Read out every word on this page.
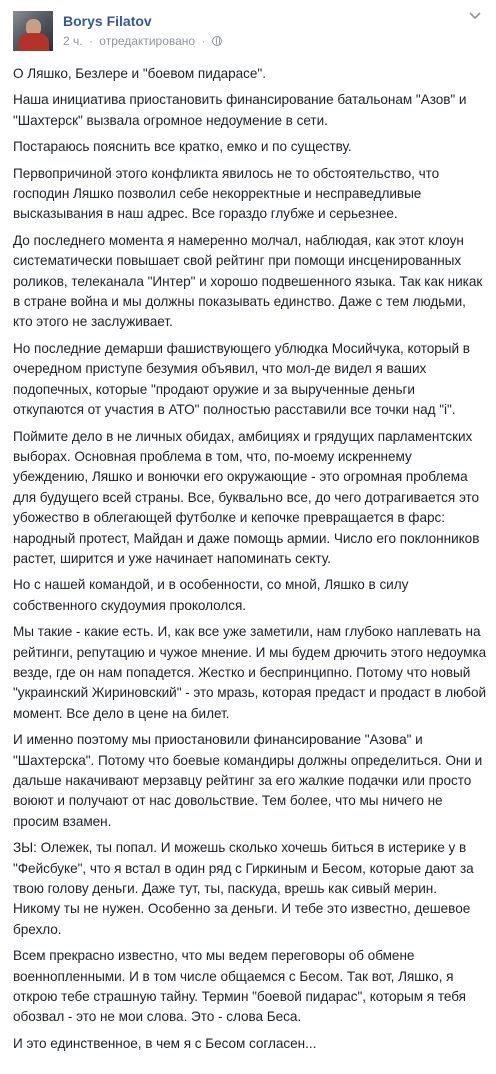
Borys Filatov
2 ч. · отредактировано ·

О Ляшко, Безлере и "боевом пидарасе".

Наша инициатива приостановить финансирование батальонам "Азов" и "Шахтерск" вызвала огромное недоумение в сети.

Постараюсь пояснить все кратко, емко и по существу.

Первопричиной этого конфликта явилось не то обстоятельство, что господин Ляшко позволил себе некорректные и несправедливые высказывания в наш адрес. Все гораздо глубже и серьезнее.

До последнего момента я намеренно молчал, наблюдая, как этот клоун систематически повышает свой рейтинг при помощи инсценированных роликов, телеканала "Интер" и хорошо подвешенного языка. Так как никак в стране война и мы должны показывать единство. Даже с тем людьми, кто этого не заслуживает.

Но последние демарши фашиствующего ублюдка Мосийчука, который в очередном приступе безумия объявил, что мол-де видел я ваших подопечных, которые "продают оружие и за вырученные деньги откупаются от участия в АТО" полностью расставили все точки над "і".

Поймите дело в не личных обидах, амбициях и грядущих парламентских выборах. Основная проблема в том, что, по-моему искреннему убеждению, Ляшко и вонючки его окружающие - это огромная проблема для будущего всей страны. Все, буквально все, до чего дотрагивается это убожество в облегающей футболке и кепочке превращается в фарс: народный протест, Майдан и даже помощь армии. Число его поклонников растет, ширится и уже начинает напоминать секту.

Но с нашей командой, и в особенности, со мной, Ляшко в силу собственного скудоумия прокололся.

Мы такие - какие есть. И, как все уже заметили, нам глубоко наплевать на рейтинги, репутацию и чужое мнение. И мы будем дрючить этого недоумка везде, где он нам попадется. Жестко и беспринципно. Потому что новый "украинский Жириновский" - это мразь, которая предаст и продаст в любой момент. Все дело в цене на билет.

И именно поэтому мы приостановили финансирование "Азова" и "Шахтерска". Потому что боевые командиры должны определиться. Они и дальше накачивают мерзавцу рейтинг за его жалкие подачки или просто воюют и получают от нас довольствие. Тем более, что мы ничего не просим взамен.

ЗЫ: Олежек, ты попал. И можешь сколько хочешь биться в истерике у в "Фейсбуке", что я встал в один ряд с Гиркиным и Бесом, которые дают за твою голову деньги. Даже тут, ты, паскуда, врешь как сивый мерин. Никому ты не нужен. Особенно за деньги. И тебе это известно, дешевое брехло.

Всем прекрасно известно, что мы ведем переговоры об обмене военнопленными. И в том числе общаемся с Бесом. Так вот, Ляшко, я открою тебе страшную тайну. Термин "боевой пидарас", которым я тебя обозвал - это не мои слова. Это - слова Беса.

И это единственное, в чем я с Бесом согласен...
